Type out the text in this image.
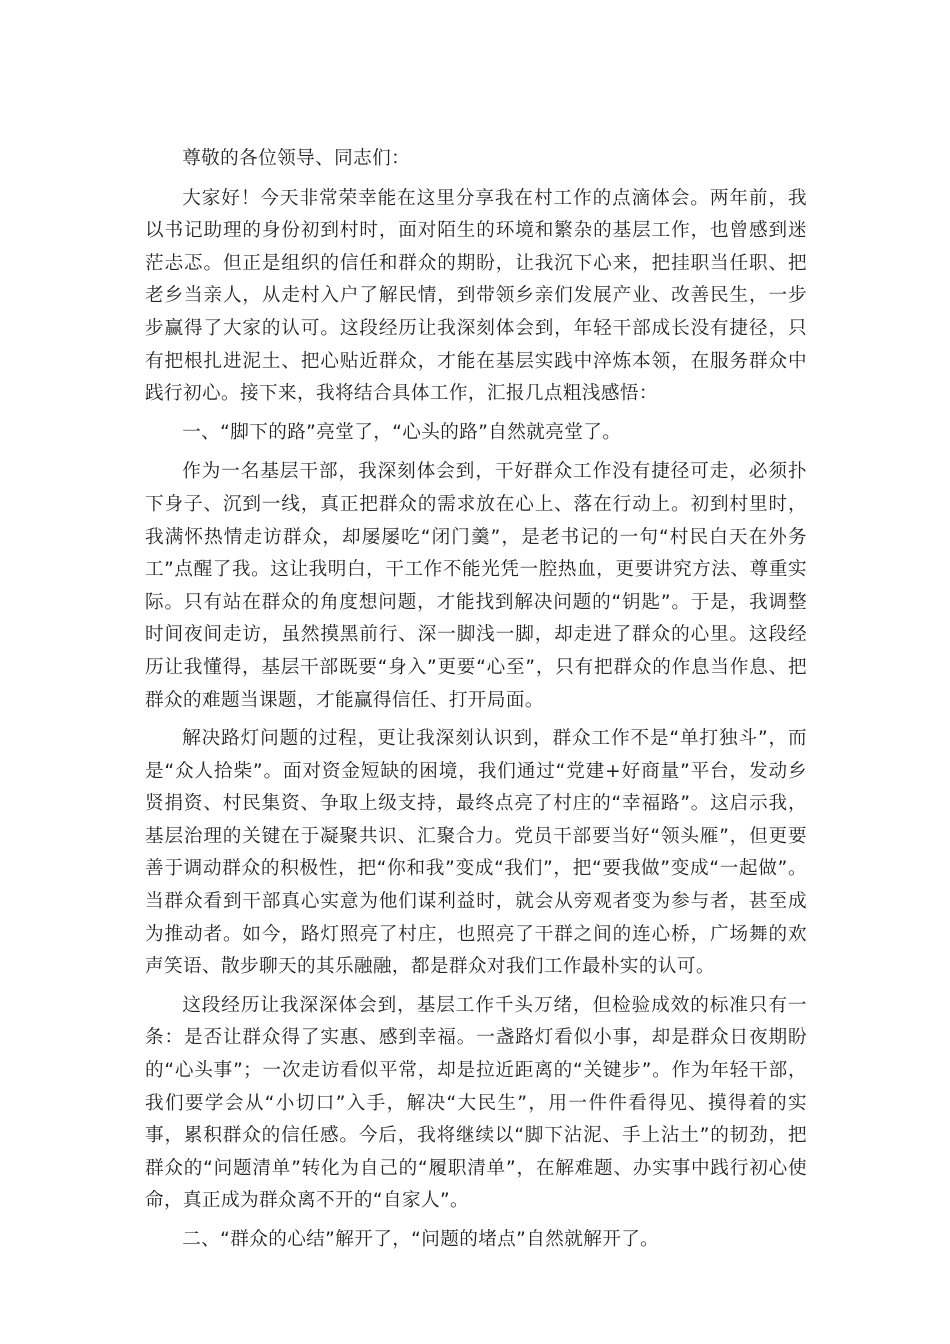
尊敬的各位领导、同志们：

大家好！今天非常荣幸能在这里分享我在村工作的点滴体会。两年前，我以书记助理的身份初到村时，面对陌生的环境和繁杂的基层工作，也曾感到迷茫忐忑。但正是组织的信任和群众的期盼，让我沉下心来，把挂职当任职、把老乡当亲人，从走村入户了解民情，到带领乡亲们发展产业、改善民生，一步步赢得了大家的认可。这段经历让我深刻体会到，年轻干部成长没有捷径，只有把根扎进泥土、把心贴近群众，才能在基层实践中淬炼本领，在服务群众中践行初心。接下来，我将结合具体工作，汇报几点粗浅感悟：

一、“脚下的路”亮堂了，“心头的路”自然就亮堂了。

作为一名基层干部，我深刻体会到，干好群众工作没有捷径可走，必须扑下身子、沉到一线，真正把群众的需求放在心上、落在行动上。初到村里时，我满怀热情走访群众，却屡屡吃“闭门羹”，是老书记的一句“村民白天在外务工”点醒了我。这让我明白，干工作不能光凭一腔热血，更要讲究方法、尊重实际。只有站在群众的角度想问题，才能找到解决问题的“钥匙”。于是，我调整时间夜间走访，虽然摸黑前行、深一脚浅一脚，却走进了群众的心里。这段经历让我懂得，基层干部既要“身入”更要“心至”，只有把群众的作息当作息、把群众的难题当课题，才能赢得信任、打开局面。

解决路灯问题的过程，更让我深刻认识到，群众工作不是“单打独斗”，而是“众人拾柴”。面对资金短缺的困境，我们通过“党建+好商量”平台，发动乡贤捐资、村民集资、争取上级支持，最终点亮了村庄的“幸福路”。这启示我，基层治理的关键在于凝聚共识、汇聚合力。党员干部要当好“领头雁”，但更要善于调动群众的积极性，把“你和我”变成“我们”，把“要我做”变成“一起做”。当群众看到干部真心实意为他们谋利益时，就会从旁观者变为参与者，甚至成为推动者。如今，路灯照亮了村庄，也照亮了干群之间的连心桥，广场舞的欢声笑语、散步聊天的其乐融融，都是群众对我们工作最朴实的认可。

这段经历让我深深体会到，基层工作千头万绪，但检验成效的标准只有一条：是否让群众得了实惠、感到幸福。一盏路灯看似小事，却是群众日夜期盼的“心头事”；一次走访看似平常，却是拉近距离的“关键步”。作为年轻干部，我们要学会从“小切口”入手，解决“大民生”，用一件件看得见、摸得着的实事，累积群众的信任感。今后，我将继续以“脚下沾泥、手上沾土”的韧劲，把群众的“问题清单”转化为自己的“履职清单”，在解难题、办实事中践行初心使命，真正成为群众离不开的“自家人”。

二、“群众的心结”解开了，“问题的堵点”自然就解开了。
